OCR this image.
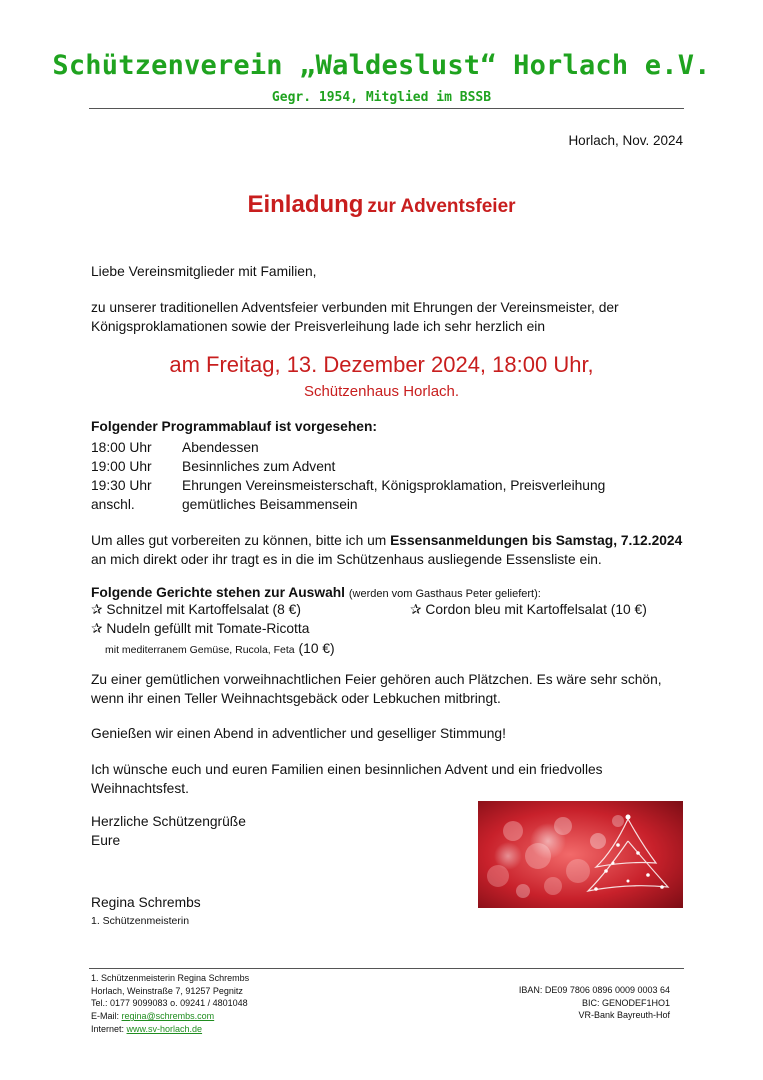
Schützenverein „Waldeslust“ Horlach e.V.
Gegr. 1954, Mitglied im BSSB
Horlach, Nov. 2024
Einladung zur Adventsfeier
Liebe Vereinsmitglieder mit Familien,
zu unserer traditionellen Adventsfeier verbunden mit Ehrungen der Vereinsmeister, der Königsproklamationen sowie der Preisverleihung lade ich sehr herzlich ein
am Freitag, 13. Dezember 2024, 18:00 Uhr,
Schützenhaus Horlach.
Folgender Programmablauf ist vorgesehen:
18:00 Uhr	Abendessen
19:00 Uhr	Besinnliches zum Advent
19:30 Uhr	Ehrungen Vereinsmeisterschaft, Königsproklamation, Preisverleihung
anschl.	gemütliches Beisammensein
Um alles gut vorbereiten zu können, bitte ich um Essensanmeldungen bis Samstag, 7.12.2024 an mich direkt oder ihr tragt es in die im Schützenhaus ausliegende Essensliste ein.
Folgende Gerichte stehen zur Auswahl (werden vom Gasthaus Peter geliefert):
✰ Schnitzel mit Kartoffelsalat (8 €)	✰ Cordon bleu mit Kartoffelsalat (10 €)
✰ Nudeln gefüllt mit Tomate-Ricotta
mit mediterranem Gemüse, Rucola, Feta (10 €)
Zu einer gemütlichen vorweihnachtlichen Feier gehören auch Plätzchen. Es wäre sehr schön, wenn ihr einen Teller Weihnachtsgebäck oder Lebkuchen mitbringt.
Genießen wir einen Abend in adventlicher und geselliger Stimmung!
Ich wünsche euch und euren Familien einen besinnlichen Advent und ein friedvolles Weihnachtsfest.
Herzliche Schützengrüße
Eure
Regina Schrembs
1. Schützenmeisterin
1. Schützenmeisterin Regina Schrembs
Horlach, Weinstraße 7, 91257 Pegnitz
Tel.: 0177 9099083 o. 09241 / 4801048
E-Mail: regina@schrembs.com
Internet: www.sv-horlach.de
IBAN: DE09 7806 0896 0009 0003 64
BIC: GENODEF1HO1
VR-Bank Bayreuth-Hof
